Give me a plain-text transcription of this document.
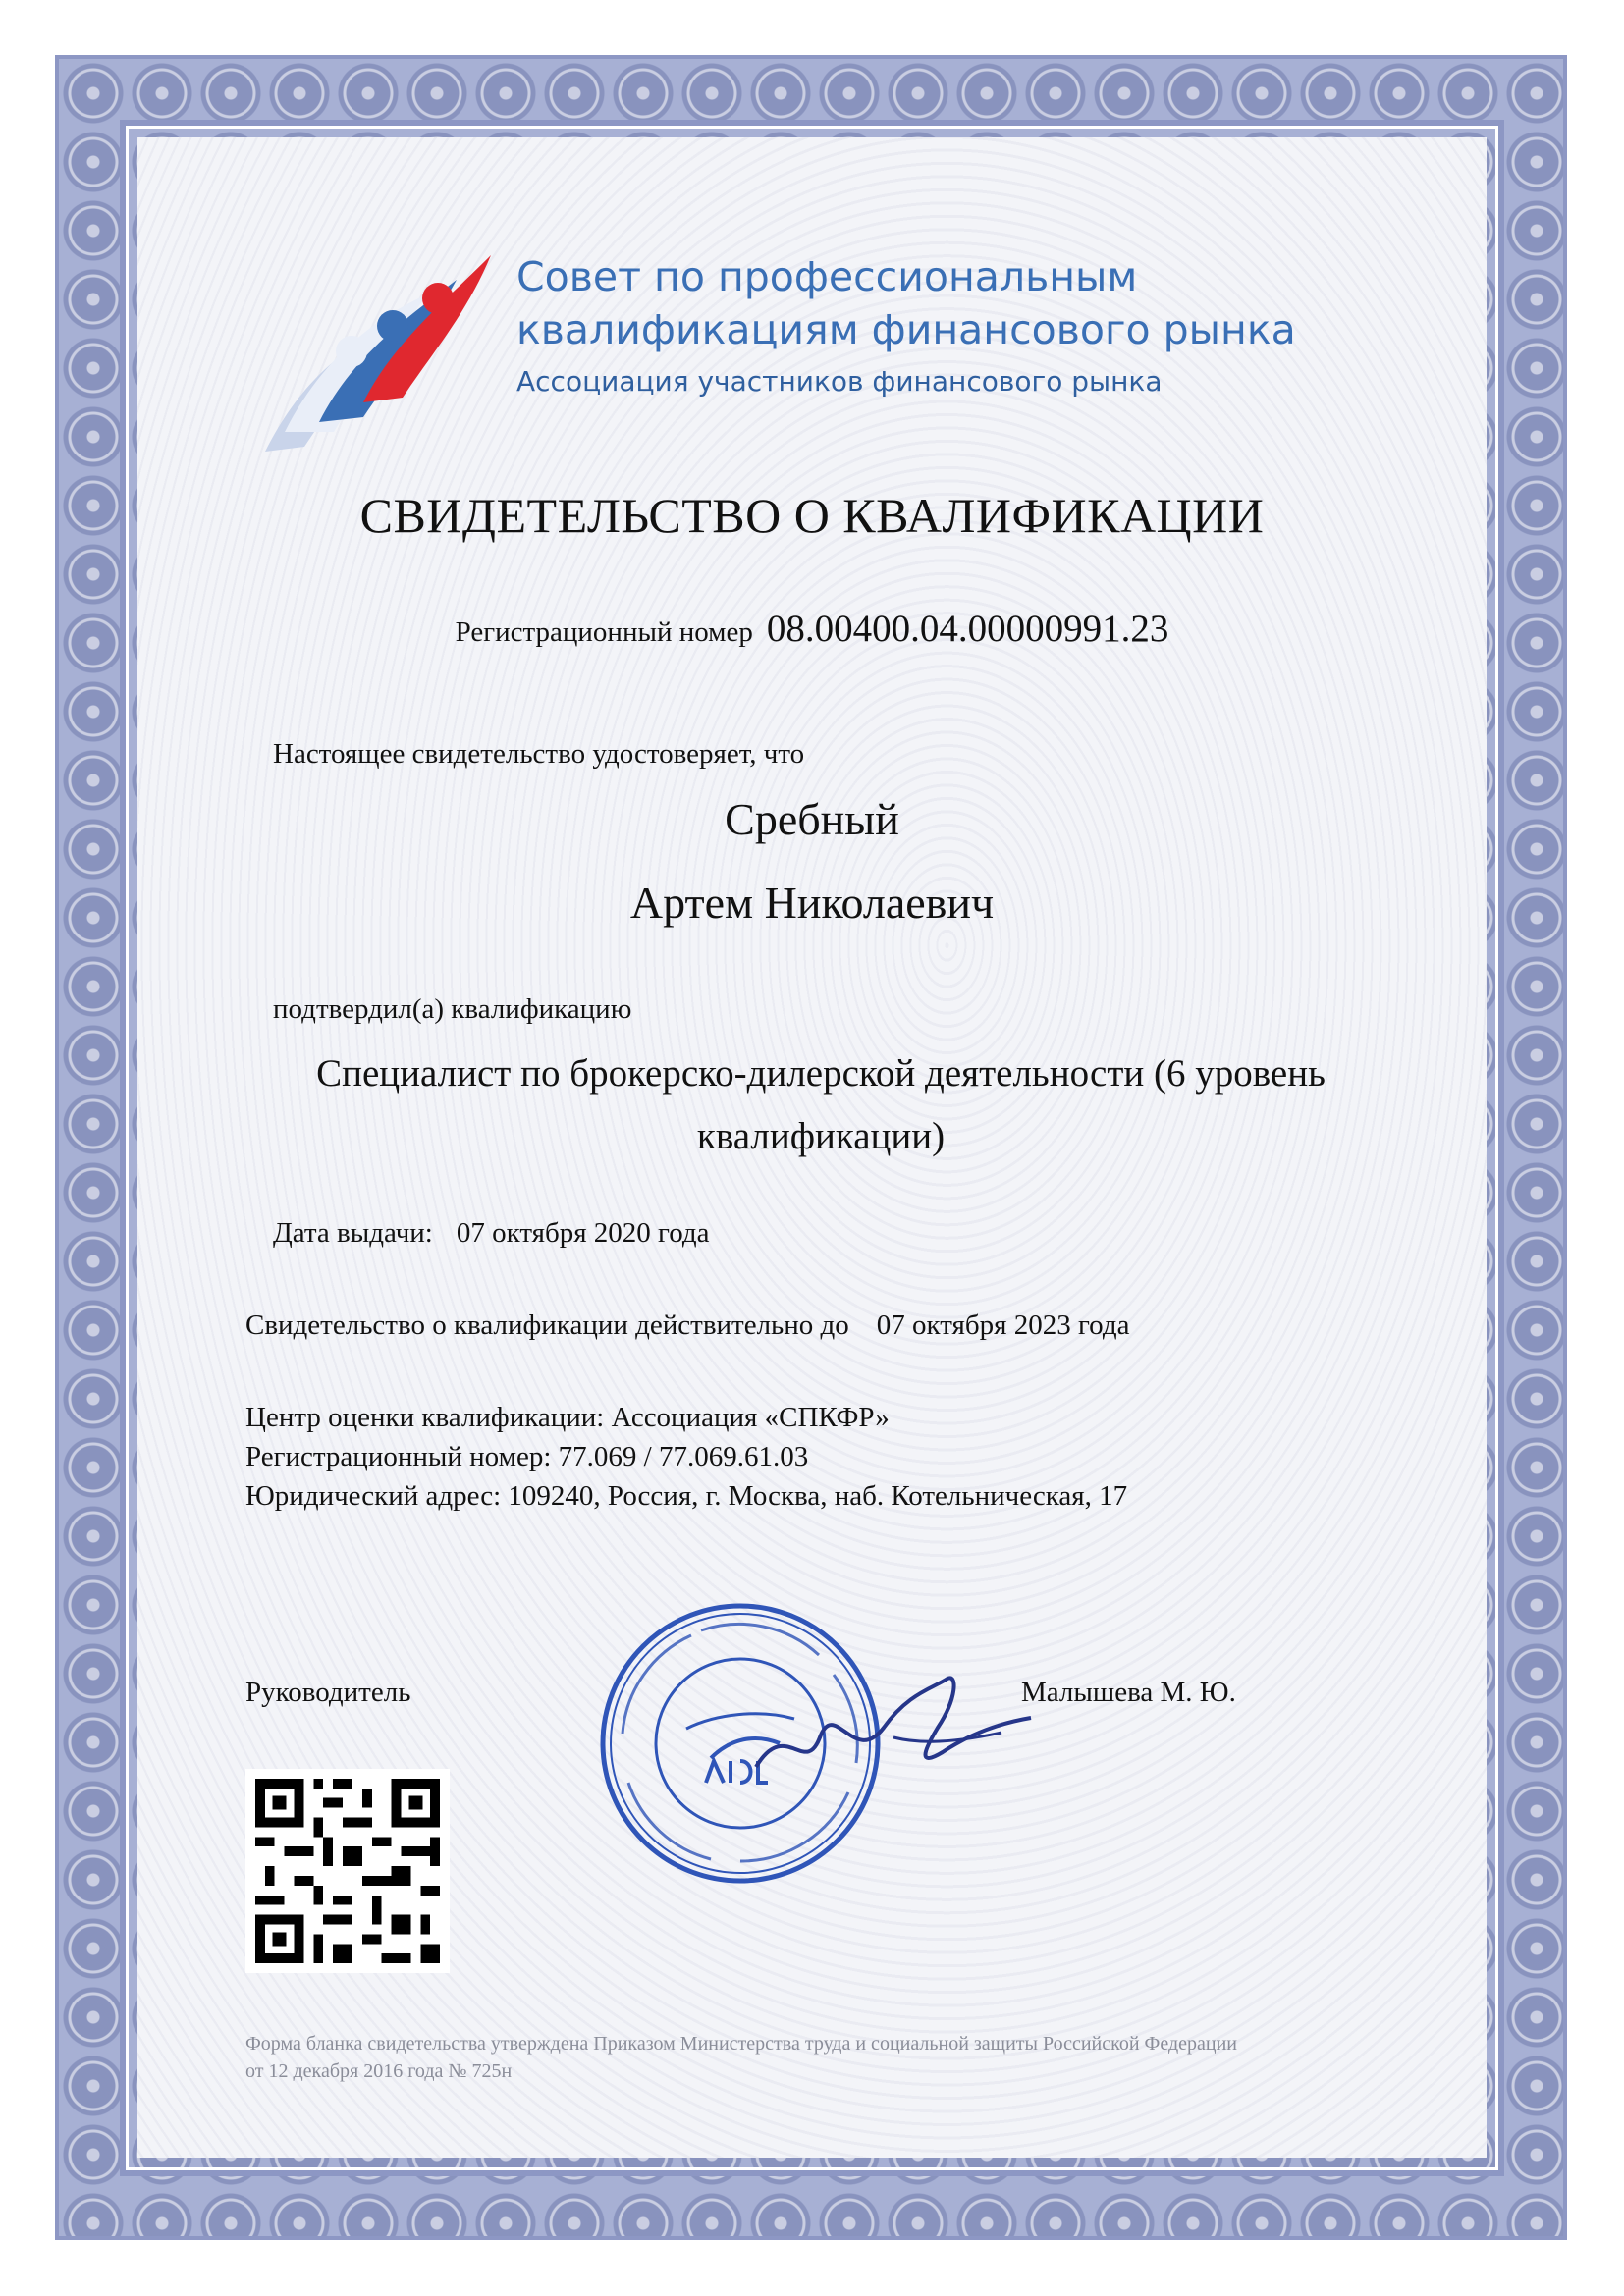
Совет по профессиональным
квалификациям финансового рынка
Ассоциация участников финансового рынка
СВИДЕТЕЛЬСТВО О КВАЛИФИКАЦИИ
Регистрационный номер 08.00400.04.00000991.23
Настоящее свидетельство удостоверяет, что
Сребный
Артем Николаевич
подтвердил(а) квалификацию
Специалист по брокерско-дилерской деятельности (6 уровень
квалификации)
Дата выдачи: 07 октября 2020 года
Свидетельство о квалификации действительно до 07 октября 2023 года
Центр оценки квалификации: Ассоциация «СПКФР»
Регистрационный номер: 77.069 / 77.069.61.03
Юридический адрес: 109240, Россия, г. Москва, наб. Котельническая, 17
Руководитель	Малышева М. Ю.
Форма бланка свидетельства утверждена Приказом Министерства труда и социальной защиты Российской Федерации
от 12 декабря 2016 года № 725н
